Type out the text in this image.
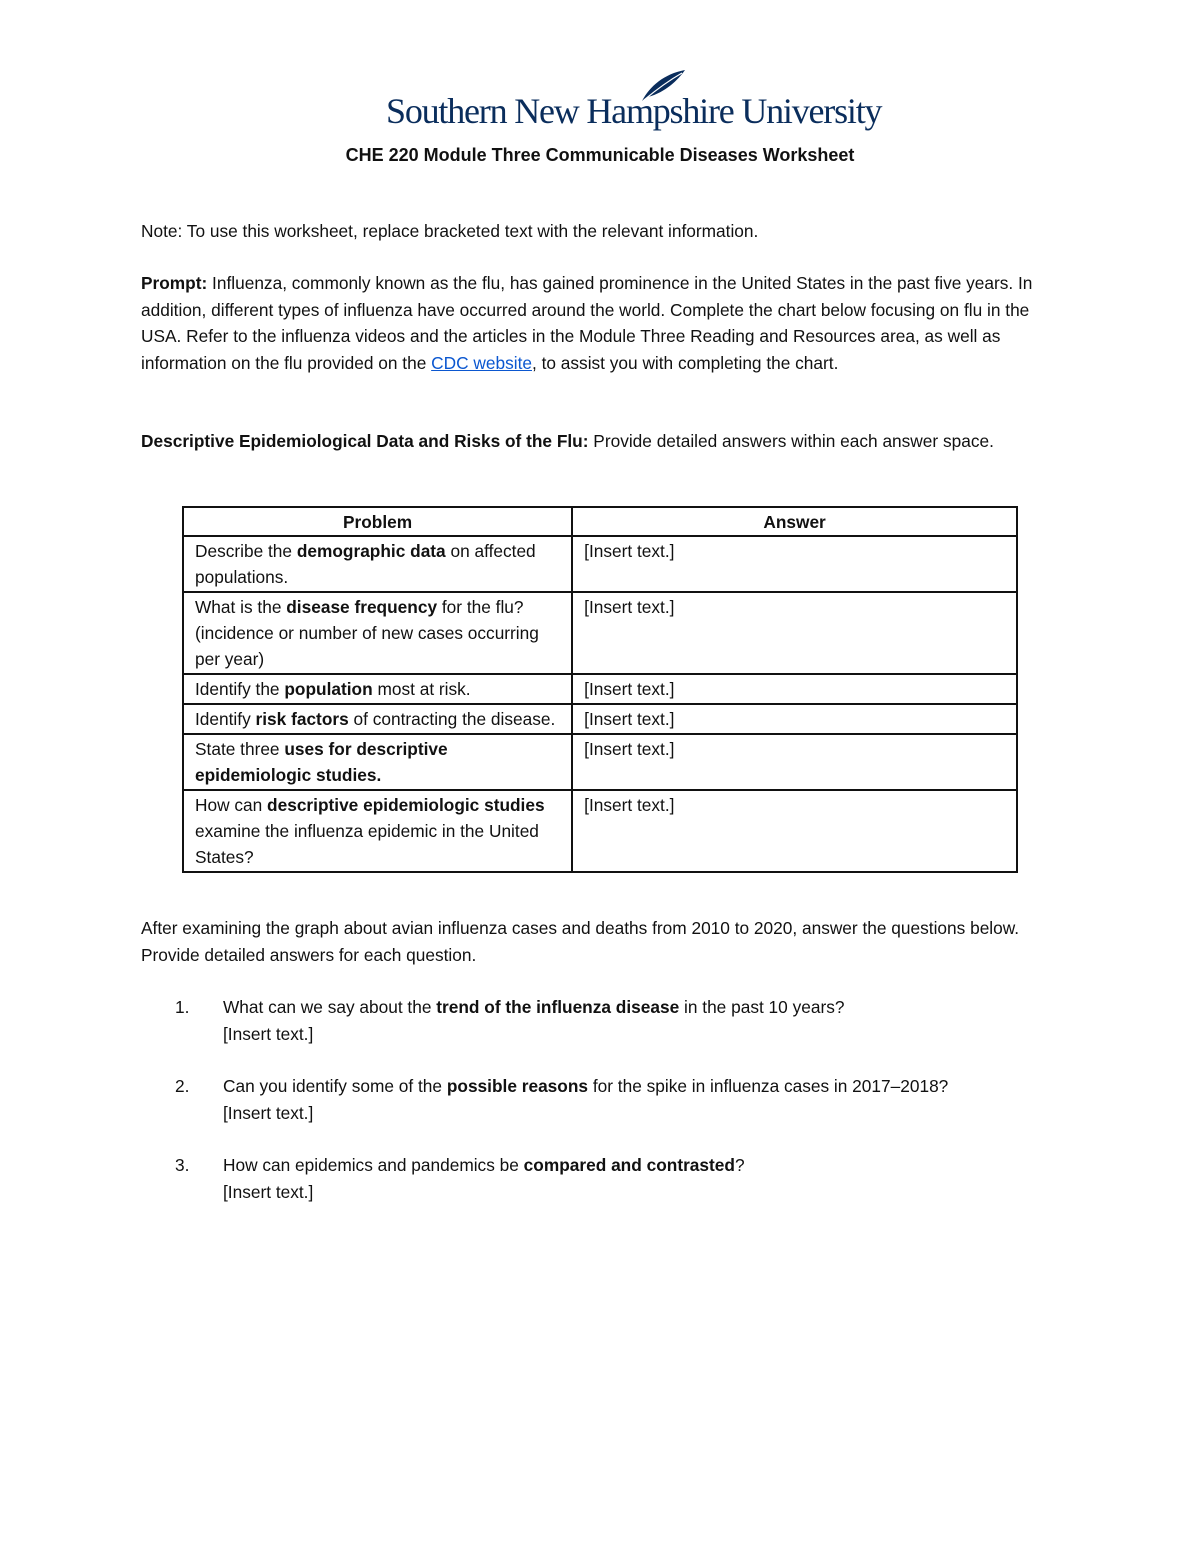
Southern New Hampshire University
CHE 220 Module Three Communicable Diseases Worksheet

Note: To use this worksheet, replace bracketed text with the relevant information.

Prompt: Influenza, commonly known as the flu, has gained prominence in the United States in the past five years. In addition, different types of influenza have occurred around the world. Complete the chart below focusing on flu in the USA. Refer to the influenza videos and the articles in the Module Three Reading and Resources area, as well as information on the flu provided on the CDC website, to assist you with completing the chart.

Descriptive Epidemiological Data and Risks of the Flu: Provide detailed answers within each answer space.

Problem	Answer
Describe the demographic data on affected populations.	[Insert text.]
What is the disease frequency for the flu? (incidence or number of new cases occurring per year)	[Insert text.]
Identify the population most at risk.	[Insert text.]
Identify risk factors of contracting the disease.	[Insert text.]
State three uses for descriptive epidemiologic studies.	[Insert text.]
How can descriptive epidemiologic studies examine the influenza epidemic in the United States?	[Insert text.]

After examining the graph about avian influenza cases and deaths from 2010 to 2020, answer the questions below. Provide detailed answers for each question.

1. What can we say about the trend of the influenza disease in the past 10 years?
[Insert text.]
2. Can you identify some of the possible reasons for the spike in influenza cases in 2017–2018?
[Insert text.]
3. How can epidemics and pandemics be compared and contrasted?
[Insert text.]
